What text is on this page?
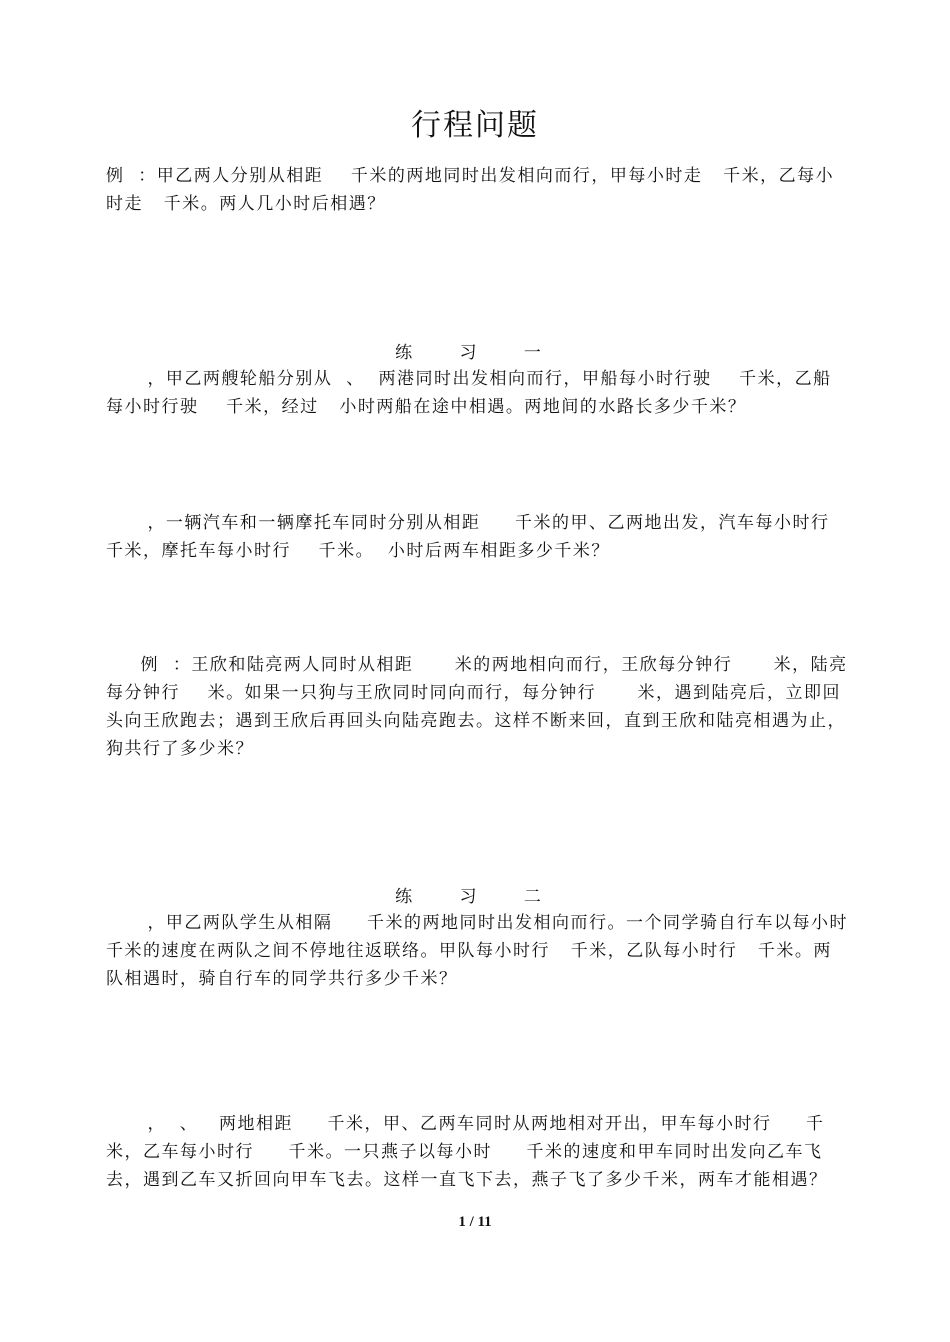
行程问题
例  ：甲乙两人分别从相距    千米的两地同时出发相向而行，甲每小时走   千米，乙每小时走   千米。两人几小时后相遇？
练 习 一
，甲乙两艘轮船分别从  、  两港同时出发相向而行，甲船每小时行驶    千米，乙船每小时行驶    千米，经过   小时两船在途中相遇。两地间的水路长多少千米？
，一辆汽车和一辆摩托车同时分别从相距     千米的甲、乙两地出发，汽车每小时行    千米，摩托车每小时行    千米。  小时后两车相距多少千米？
例  ：王欣和陆亮两人同时从相距      米的两地相向而行，王欣每分钟行      米，陆亮每分钟行    米。如果一只狗与王欣同时同向而行，每分钟行      米，遇到陆亮后，立即回头向王欣跑去；遇到王欣后再回头向陆亮跑去。这样不断来回，直到王欣和陆亮相遇为止，狗共行了多少米？
练 习 二
，甲乙两队学生从相隔     千米的两地同时出发相向而行。一个同学骑自行车以每小时    千米的速度在两队之间不停地往返联络。甲队每小时行   千米，乙队每小时行   千米。两队相遇时，骑自行车的同学共行多少千米？
，  、   两地相距     千米，甲、乙两车同时从两地相对开出，甲车每小时行     千米，乙车每小时行     千米。一只燕子以每小时     千米的速度和甲车同时出发向乙车飞去，遇到乙车又折回向甲车飞去。这样一直飞下去，燕子飞了多少千米，两车才能相遇？
1 / 11
